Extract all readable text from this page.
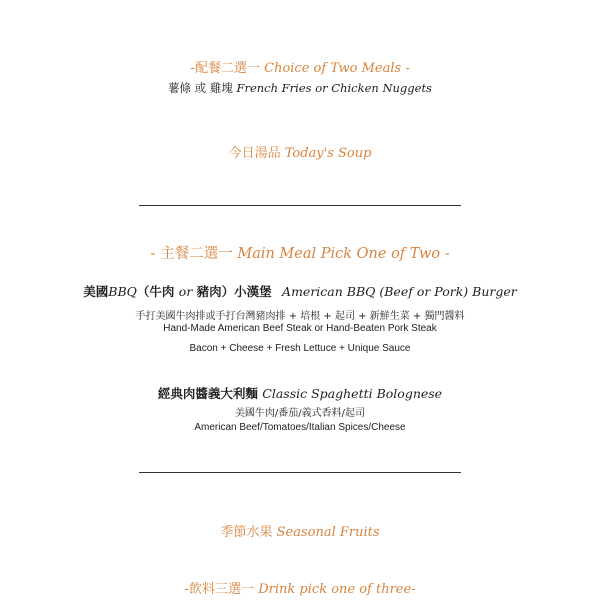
-配餐二選一 Choice of Two Meals -
薯條 或 雞塊 French Fries or Chicken Nuggets
今日湯品 Today's Soup
- 主餐二選一 Main Meal Pick One of Two -
美國BBQ（牛肉 or 豬肉）小漢堡 American BBQ (Beef or Pork) Burger
手打美國牛肉排或手打台灣豬肉排 + 培根 + 起司 + 新鮮生菜 + 獨門醬料
Hand-Made American Beef Steak or Hand-Beaten Pork Steak
Bacon + Cheese + Fresh Lettuce + Unique Sauce
經典肉醬義大利麵 Classic Spaghetti Bolognese
美國牛肉/番茄/義式香料/起司
American Beef/Tomatoes/Italian Spices/Cheese
季節水果 Seasonal Fruits
-飲料三選一 Drink pick one of three-
